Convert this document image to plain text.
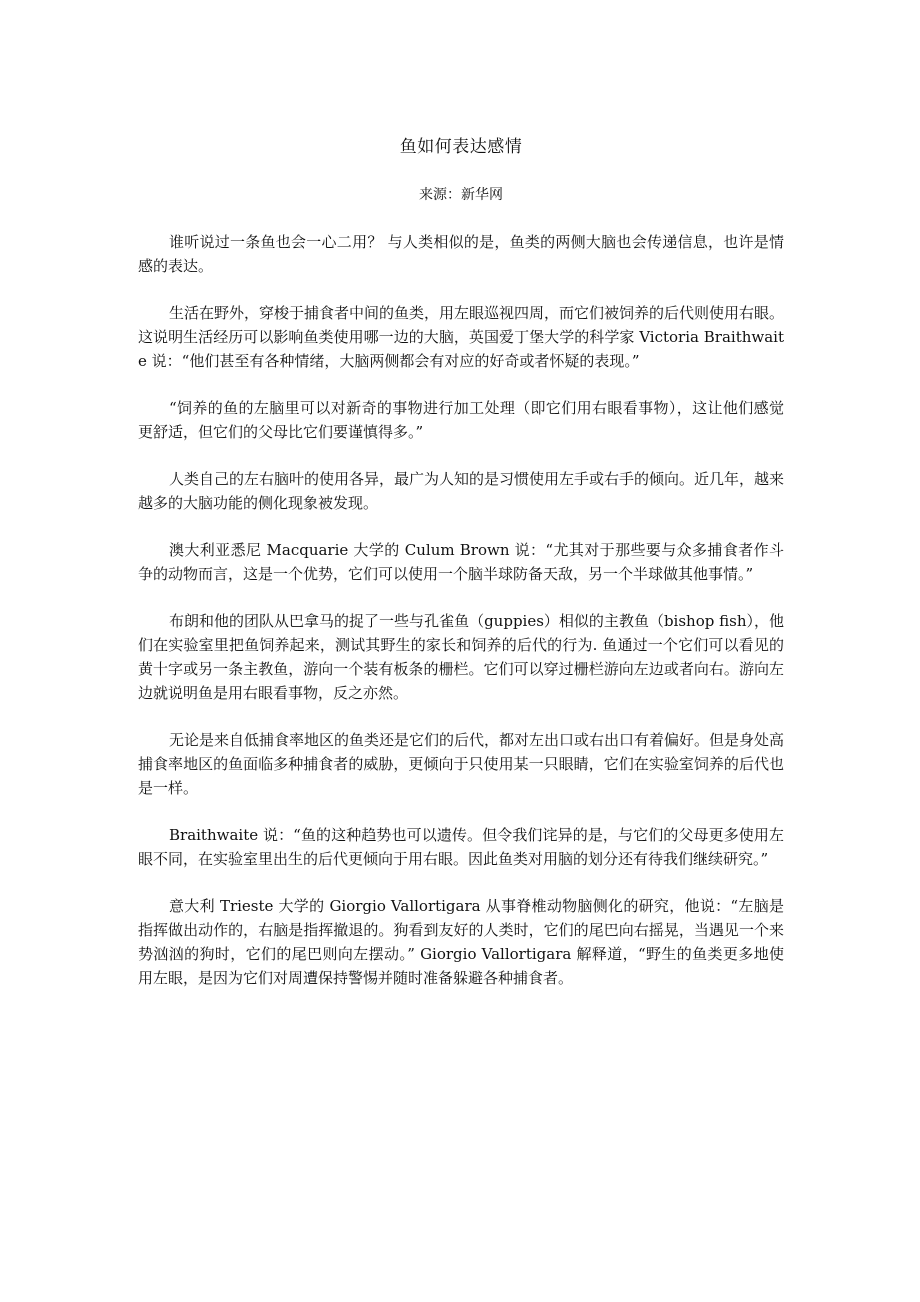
鱼如何表达感情
来源：新华网

谁听说过一条鱼也会一心二用？ 与人类相似的是，鱼类的两侧大脑也会传递信息，也许是情感的表达。

生活在野外，穿梭于捕食者中间的鱼类，用左眼巡视四周，而它们被饲养的后代则使用右眼。这说明生活经历可以影响鱼类使用哪一边的大脑，英国爱丁堡大学的科学家 Victoria Braithwaite 说：“他们甚至有各种情绪，大脑两侧都会有对应的好奇或者怀疑的表现。”

“饲养的鱼的左脑里可以对新奇的事物进行加工处理（即它们用右眼看事物），这让他们感觉更舒适，但它们的父母比它们要谨慎得多。”

人类自己的左右脑叶的使用各异，最广为人知的是习惯使用左手或右手的倾向。近几年，越来越多的大脑功能的侧化现象被发现。

澳大利亚悉尼 Macquarie 大学的 Culum Brown 说：“尤其对于那些要与众多捕食者作斗争的动物而言，这是一个优势，它们可以使用一个脑半球防备天敌，另一个半球做其他事情。”

布朗和他的团队从巴拿马的捉了一些与孔雀鱼（guppies）相似的主教鱼（bishop fish），他们在实验室里把鱼饲养起来，测试其野生的家长和饲养的后代的行为. 鱼通过一个它们可以看见的黄十字或另一条主教鱼，游向一个装有板条的栅栏。它们可以穿过栅栏游向左边或者向右。游向左边就说明鱼是用右眼看事物，反之亦然。

无论是来自低捕食率地区的鱼类还是它们的后代，都对左出口或右出口有着偏好。但是身处高捕食率地区的鱼面临多种捕食者的威胁，更倾向于只使用某一只眼睛，它们在实验室饲养的后代也是一样。

Braithwaite 说：“鱼的这种趋势也可以遗传。但令我们诧异的是，与它们的父母更多使用左眼不同，在实验室里出生的后代更倾向于用右眼。因此鱼类对用脑的划分还有待我们继续研究。”

意大利 Trieste 大学的 Giorgio Vallortigara 从事脊椎动物脑侧化的研究，他说：“左脑是指挥做出动作的，右脑是指挥撤退的。狗看到友好的人类时，它们的尾巴向右摇晃，当遇见一个来势汹汹的狗时，它们的尾巴则向左摆动。” Giorgio Vallortigara 解释道，“野生的鱼类更多地使用左眼，是因为它们对周遭保持警惕并随时准备躲避各种捕食者。
